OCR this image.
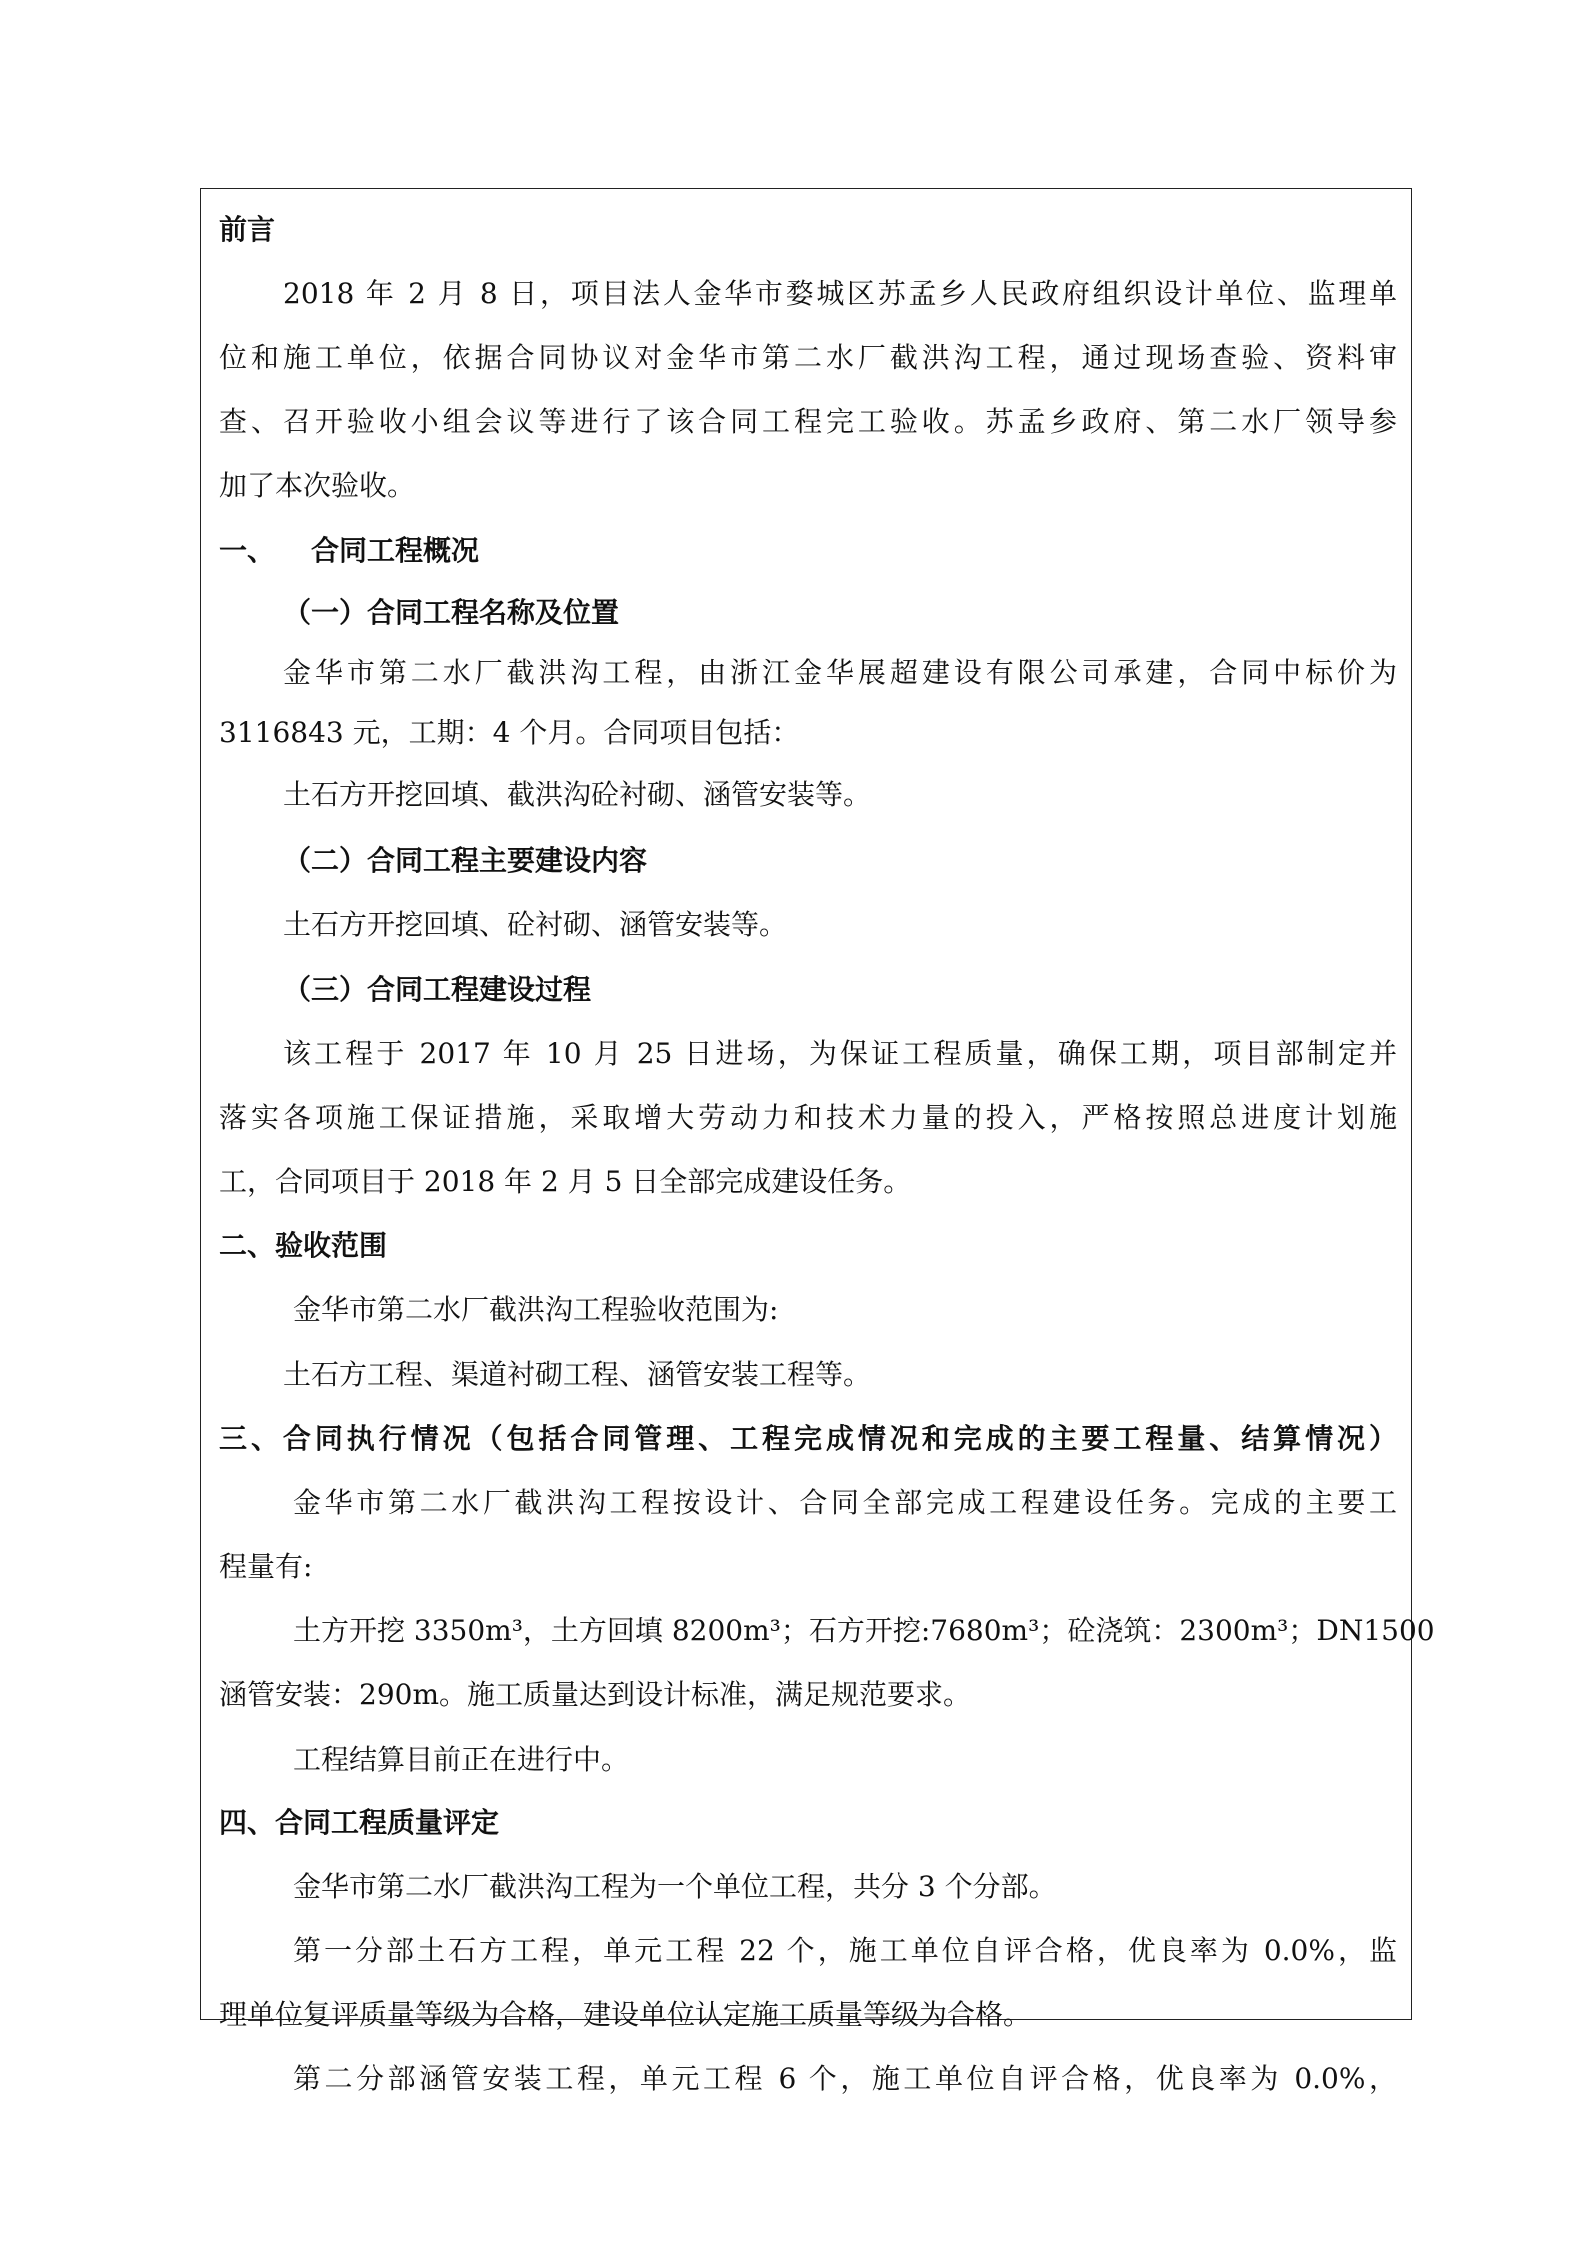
前言
2018 年 2 月 8 日，项目法人金华市婺城区苏孟乡人民政府组织设计单位、监理单
位和施工单位，依据合同协议对金华市第二水厂截洪沟工程，通过现场查验、资料审
查、召开验收小组会议等进行了该合同工程完工验收。苏孟乡政府、第二水厂领导参
加了本次验收。
一、 合同工程概况
（一）合同工程名称及位置
金华市第二水厂截洪沟工程，由浙江金华展超建设有限公司承建，合同中标价为
3116843 元，工期：4 个月。合同项目包括：
土石方开挖回填、截洪沟砼衬砌、涵管安装等。
（二）合同工程主要建设内容
土石方开挖回填、砼衬砌、涵管安装等。
（三）合同工程建设过程
该工程于 2017 年 10 月 25 日进场，为保证工程质量，确保工期，项目部制定并
落实各项施工保证措施，采取增大劳动力和技术力量的投入，严格按照总进度计划施
工，合同项目于 2018 年 2 月 5 日全部完成建设任务。
二、验收范围
金华市第二水厂截洪沟工程验收范围为:
土石方工程、渠道衬砌工程、涵管安装工程等。
三、合同执行情况（包括合同管理、工程完成情况和完成的主要工程量、结算情况）
金华市第二水厂截洪沟工程按设计、合同全部完成工程建设任务。完成的主要工
程量有:
土方开挖 3350m³，土方回填 8200m³；石方开挖:7680m³；砼浇筑：2300m³；DN1500
涵管安装：290m。施工质量达到设计标准，满足规范要求。
工程结算目前正在进行中。
四、合同工程质量评定
金华市第二水厂截洪沟工程为一个单位工程，共分 3 个分部。
第一分部土石方工程，单元工程 22 个，施工单位自评合格，优良率为 0.0%，监
理单位复评质量等级为合格，建设单位认定施工质量等级为合格。
第二分部涵管安装工程，单元工程 6 个，施工单位自评合格，优良率为 0.0%，
